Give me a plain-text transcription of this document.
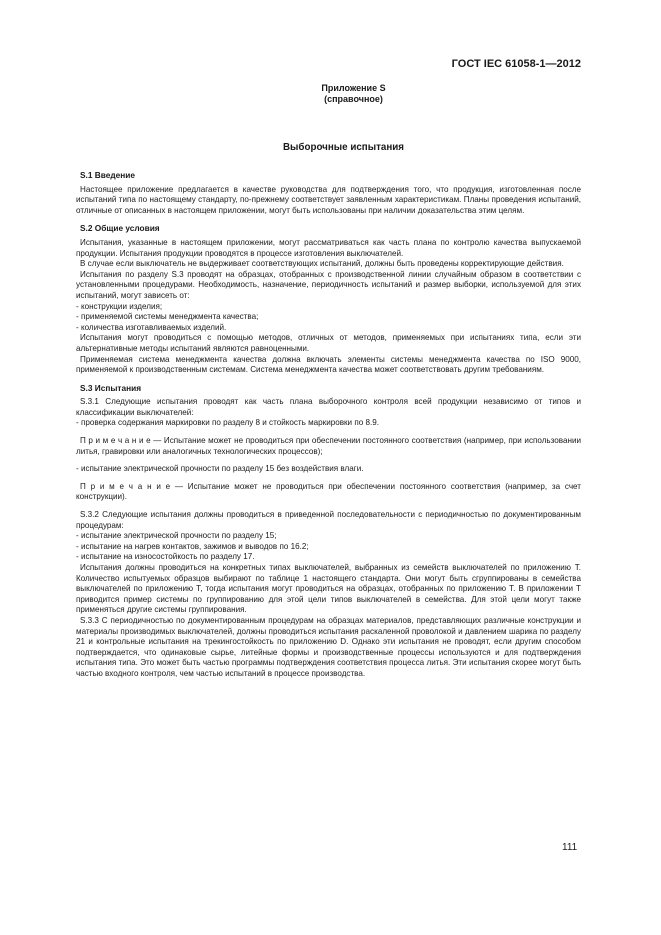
ГОСТ IEC 61058-1—2012
Приложение S
(справочное)
Выборочные испытания
S.1 Введение

Настоящее приложение предлагается в качестве руководства для подтверждения того, что продукция, изготовленная после испытаний типа по настоящему стандарту, по-прежнему соответствует заявленным характеристикам. Планы проведения испытаний, отличные от описанных в настоящем приложении, могут быть использованы при наличии доказательства этим целям.

S.2 Общие условия

Испытания, указанные в настоящем приложении, могут рассматриваться как часть плана по контролю качества выпускаемой продукции. Испытания продукции проводятся в процессе изготовления выключателей.

В случае если выключатель не выдерживает соответствующих испытаний, должны быть проведены корректирующие действия.

Испытания по разделу S.3 проводят на образцах, отобранных с производственной линии случайным образом в соответствии с установленными процедурами. Необходимость, назначение, периодичность испытаний и размер выборки, используемой для этих испытаний, могут зависеть от:

- конструкции изделия;
- применяемой системы менеджмента качества;
- количества изготавливаемых изделий.

Испытания могут проводиться с помощью методов, отличных от методов, применяемых при испытаниях типа, если эти альтернативные методы испытаний являются равноценными.

Применяемая система менеджмента качества должна включать элементы системы менеджмента качества по ISO 9000, применяемой к производственным системам. Система менеджмента качества может соответствовать другим требованиям.

S.3 Испытания

S.3.1 Следующие испытания проводят как часть плана выборочного контроля всей продукции независимо от типов и классификации выключателей:

- проверка содержания маркировки по разделу 8 и стойкость маркировки по 8.9.

П р и м е ч а н и е — Испытание может не проводиться при обеспечении постоянного соответствия (например, при использовании литья, гравировки или аналогичных технологических процессов);

- испытание электрической прочности по разделу 15 без воздействия влаги.

П р и м е ч а н и е — Испытание может не проводиться при обеспечении постоянного соответствия (например, за счет конструкции).

S.3.2 Следующие испытания должны проводиться в приведенной последовательности с периодичностью по документированным процедурам:

- испытание электрической прочности по разделу 15;
- испытание на нагрев контактов, зажимов и выводов по 16.2;
- испытание на износостойкость по разделу 17.

Испытания должны проводиться на конкретных типах выключателей, выбранных из семейств выключателей по приложению Т. Количество испытуемых образцов выбирают по таблице 1 настоящего стандарта. Они могут быть сгруппированы в семейства выключателей по приложению Т, тогда испытания могут проводиться на образцах, отобранных по приложению Т. В приложении Т приводится пример системы по группированию для этой цели типов выключателей в семейства. Для этой цели могут также применяться другие системы группирования.

S.3.3 С периодичностью по документированным процедурам на образцах материалов, представляющих различные конструкции и материалы производимых выключателей, должны проводиться испытания раскаленной проволокой и давлением шарика по разделу 21 и контрольные испытания на трекингостойкость по приложению D. Однако эти испытания не проводят, если другим способом подтверждается, что одинаковые сырье, литейные формы и производственные процессы используются и для подтверждения испытания типа. Это может быть частью программы подтверждения соответствия процесса литья. Эти испытания скорее могут быть частью входного контроля, чем частью испытаний в процессе производства.

111
